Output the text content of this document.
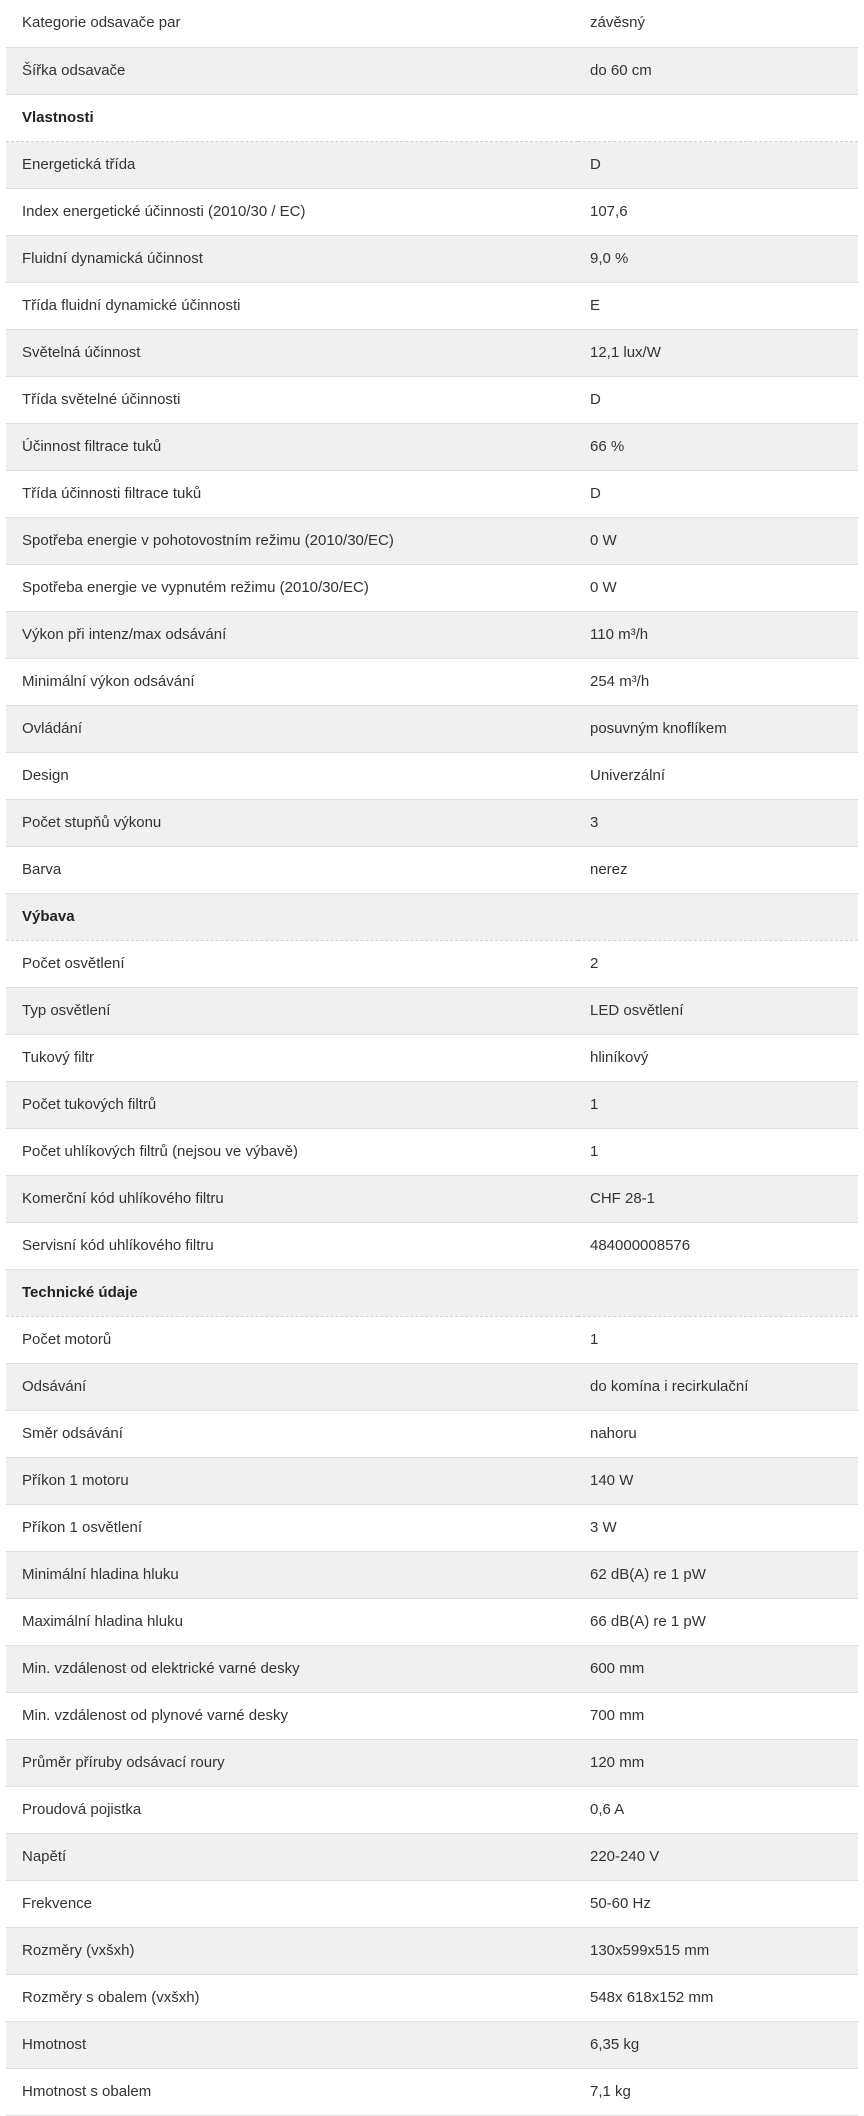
Kategorie odsavače par	závěsný
Šířka odsavače	do 60 cm
Vlastnosti	
Energetická třída	D
Index energetické účinnosti (2010/30 / EC)	107,6
Fluidní dynamická účinnost	9,0 %
Třída fluidní dynamické účinnosti	E
Světelná účinnost	12,1 lux/W
Třída světelné účinnosti	D
Účinnost filtrace tuků	66 %
Třída účinnosti filtrace tuků	D
Spotřeba energie v pohotovostním režimu (2010/30/EC)	0 W
Spotřeba energie ve vypnutém režimu (2010/30/EC)	0 W
Výkon při intenz/max odsávání	110 m³/h
Minimální výkon odsávání	254 m³/h
Ovládání	posuvným knoflíkem
Design	Univerzální
Počet stupňů výkonu	3
Barva	nerez
Výbava	
Počet osvětlení	2
Typ osvětlení	LED osvětlení
Tukový filtr	hliníkový
Počet tukových filtrů	1
Počet uhlíkových filtrů (nejsou ve výbavě)	1
Komerční kód uhlíkového filtru	CHF 28-1
Servisní kód uhlíkového filtru	484000008576
Technické údaje	
Počet motorů	1
Odsávání	do komína i recirkulační
Směr odsávání	nahoru
Příkon 1 motoru	140 W
Příkon 1 osvětlení	3 W
Minimální hladina hluku	62 dB(A) re 1 pW
Maximální hladina hluku	66 dB(A) re 1 pW
Min. vzdálenost od elektrické varné desky	600 mm
Min. vzdálenost od plynové varné desky	700 mm
Průměr příruby odsávací roury	120 mm
Proudová pojistka	0,6 A
Napětí	220-240 V
Frekvence	50-60 Hz
Rozměry (vxšxh)	130x599x515 mm
Rozměry s obalem (vxšxh)	548x 618x152 mm
Hmotnost	6,35 kg
Hmotnost s obalem	7,1 kg
